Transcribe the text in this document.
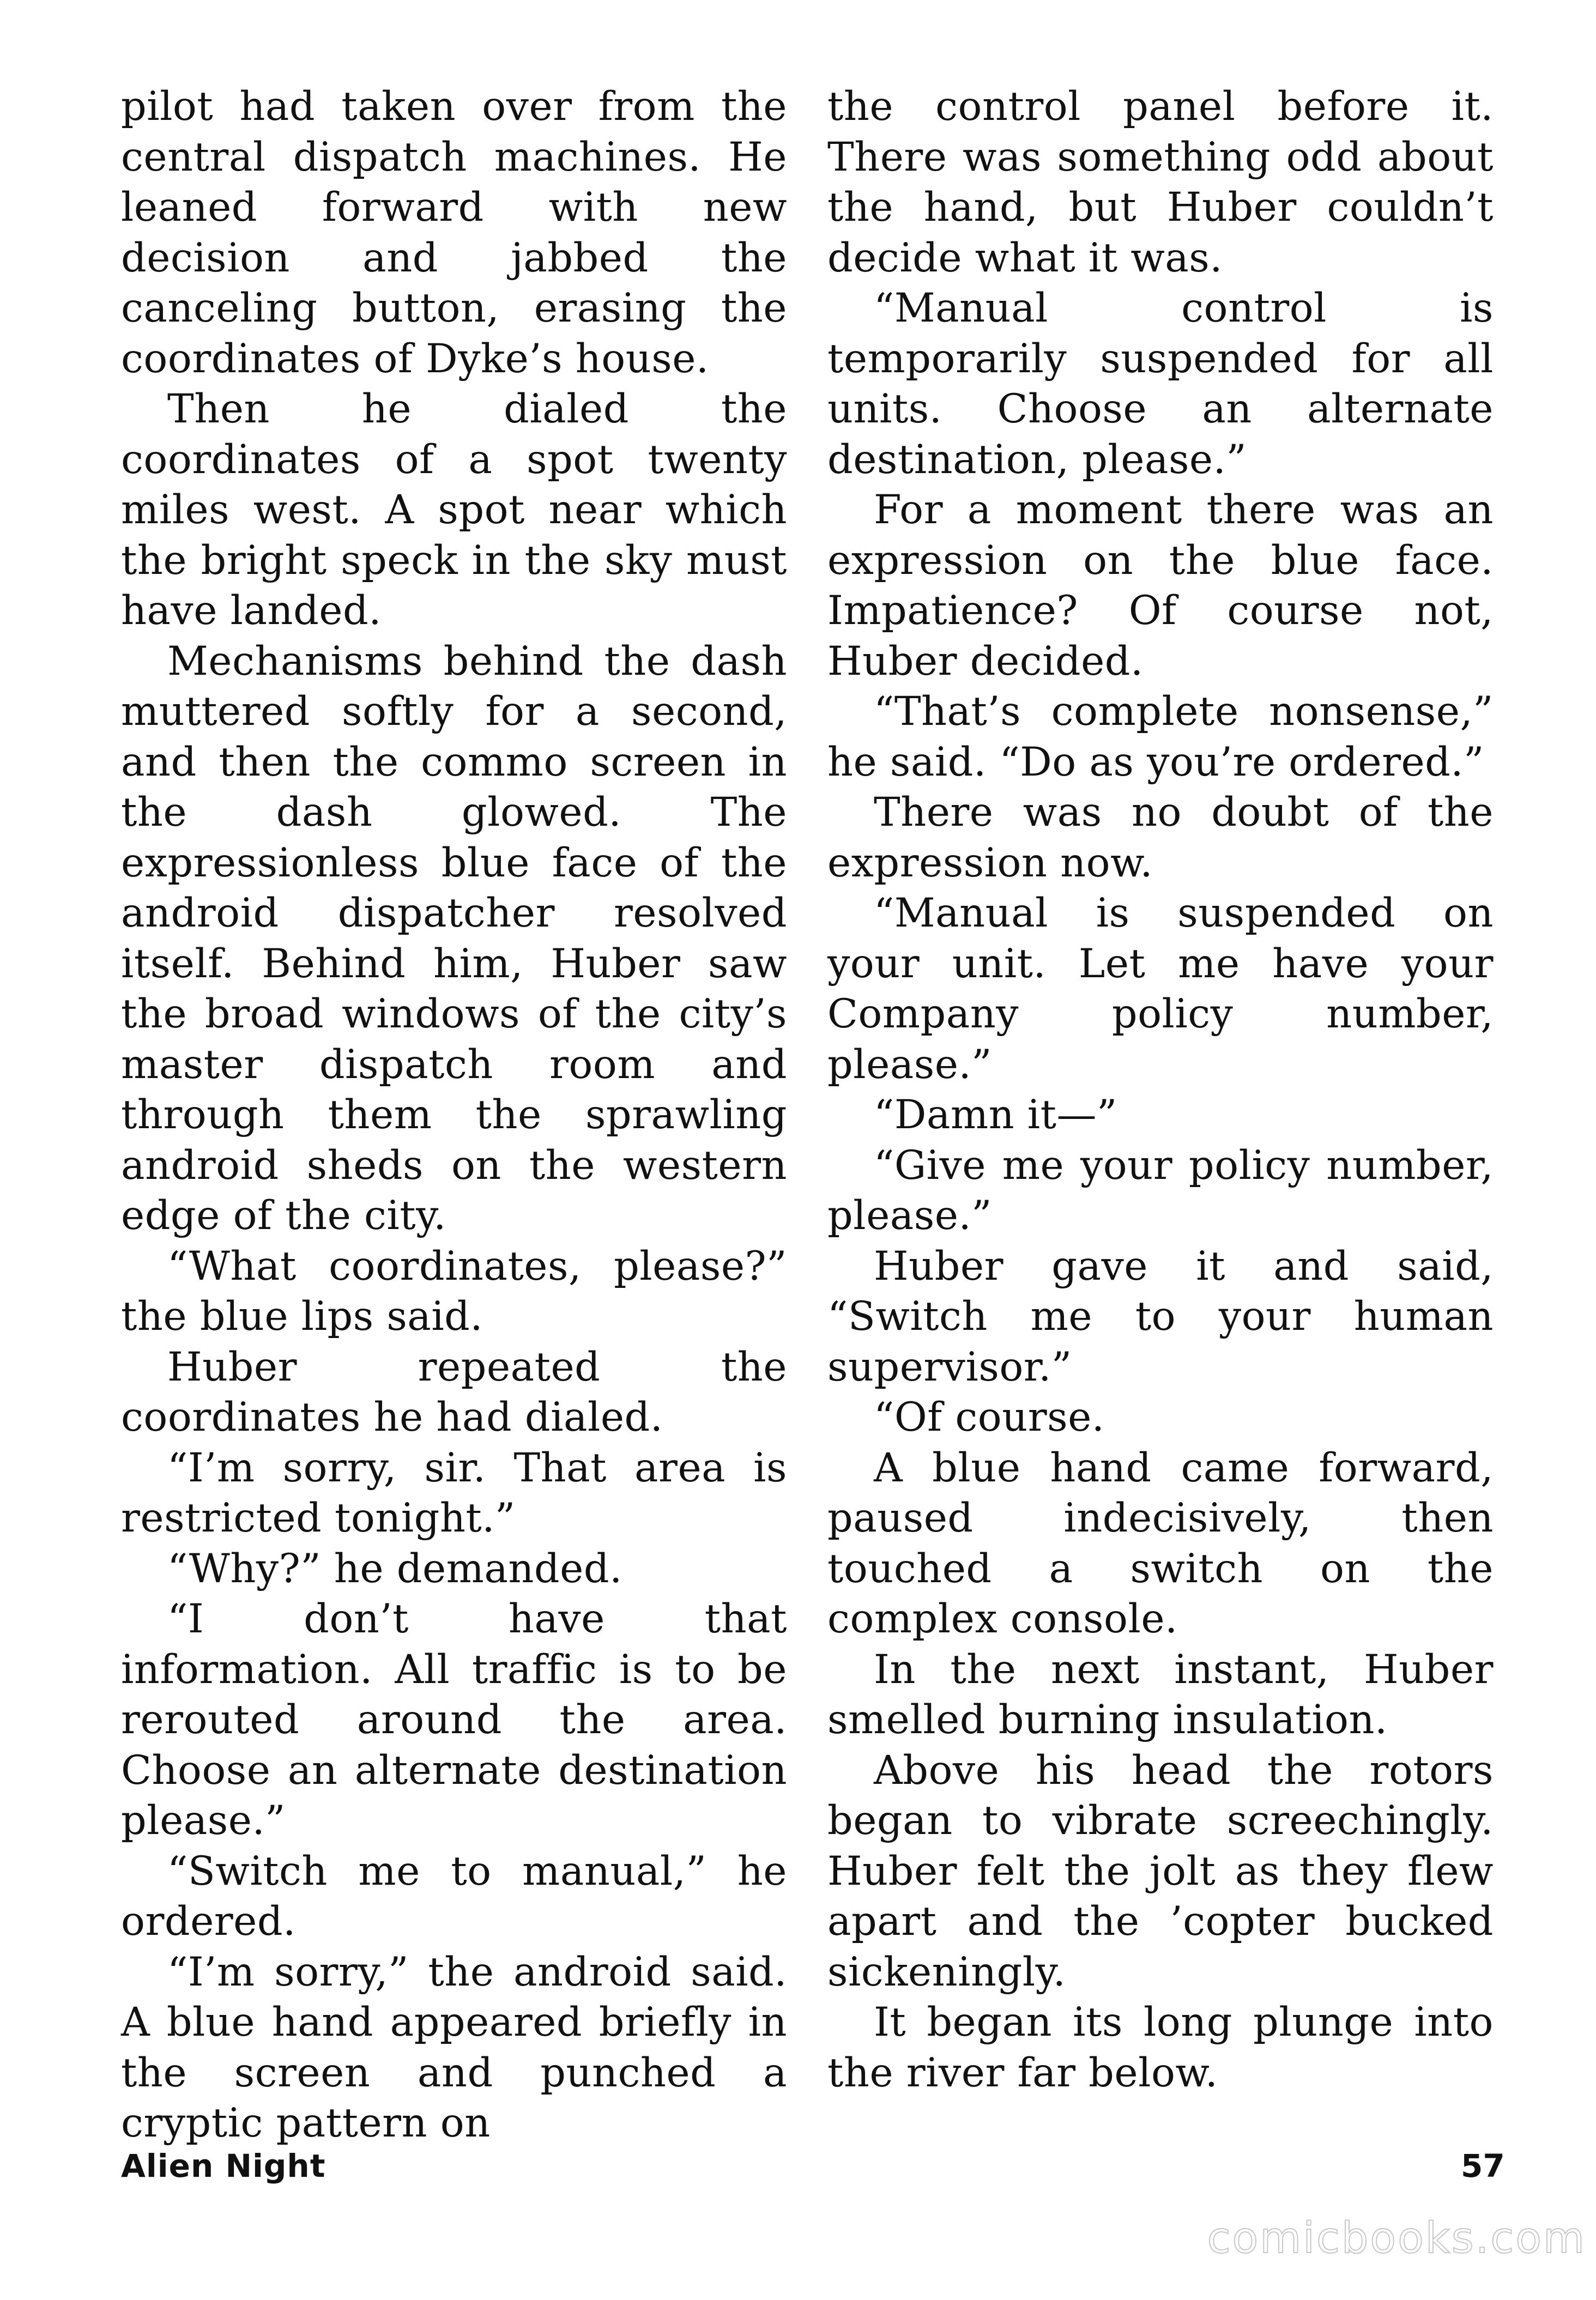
pilot had taken over from the central dispatch machines. He leaned forward with new decision and jabbed the canceling button, erasing the coordinates of Dyke’s house.

Then he dialed the coordinates of a spot twenty miles west. A spot near which the bright speck in the sky must have landed.

Mechanisms behind the dash muttered softly for a second, and then the commo screen in the dash glowed. The expressionless blue face of the android dispatcher resolved itself. Behind him, Huber saw the broad windows of the city’s master dispatch room and through them the sprawling android sheds on the western edge of the city.

“What coordinates, please?” the blue lips said.

Huber repeated the coordinates he had dialed.

“I’m sorry, sir. That area is restricted tonight.”

“Why?” he demanded.

“I don’t have that information. All traffic is to be rerouted around the area. Choose an alternate destination please.”

“Switch me to manual,” he ordered.

“I’m sorry,” the android said. A blue hand appeared briefly in the screen and punched a cryptic pattern on

the control panel before it. There was something odd about the hand, but Huber couldn’t decide what it was.

“Manual control is temporarily suspended for all units. Choose an alternate destination, please.”

For a moment there was an expression on the blue face. Impatience? Of course not, Huber decided.

“That’s complete nonsense,” he said. “Do as you’re ordered.”

There was no doubt of the expression now.

“Manual is suspended on your unit. Let me have your Company policy number, please.”

“Damn it—”

“Give me your policy number, please.”

Huber gave it and said, “Switch me to your human supervisor.”

“Of course.

A blue hand came forward, paused indecisively, then touched a switch on the complex console.

In the next instant, Huber smelled burning insulation.

Above his head the rotors began to vibrate screechingly. Huber felt the jolt as they flew apart and the ’copter bucked sickeningly.

It began its long plunge into the river far below.

Alien Night	57
comicbooks.com
